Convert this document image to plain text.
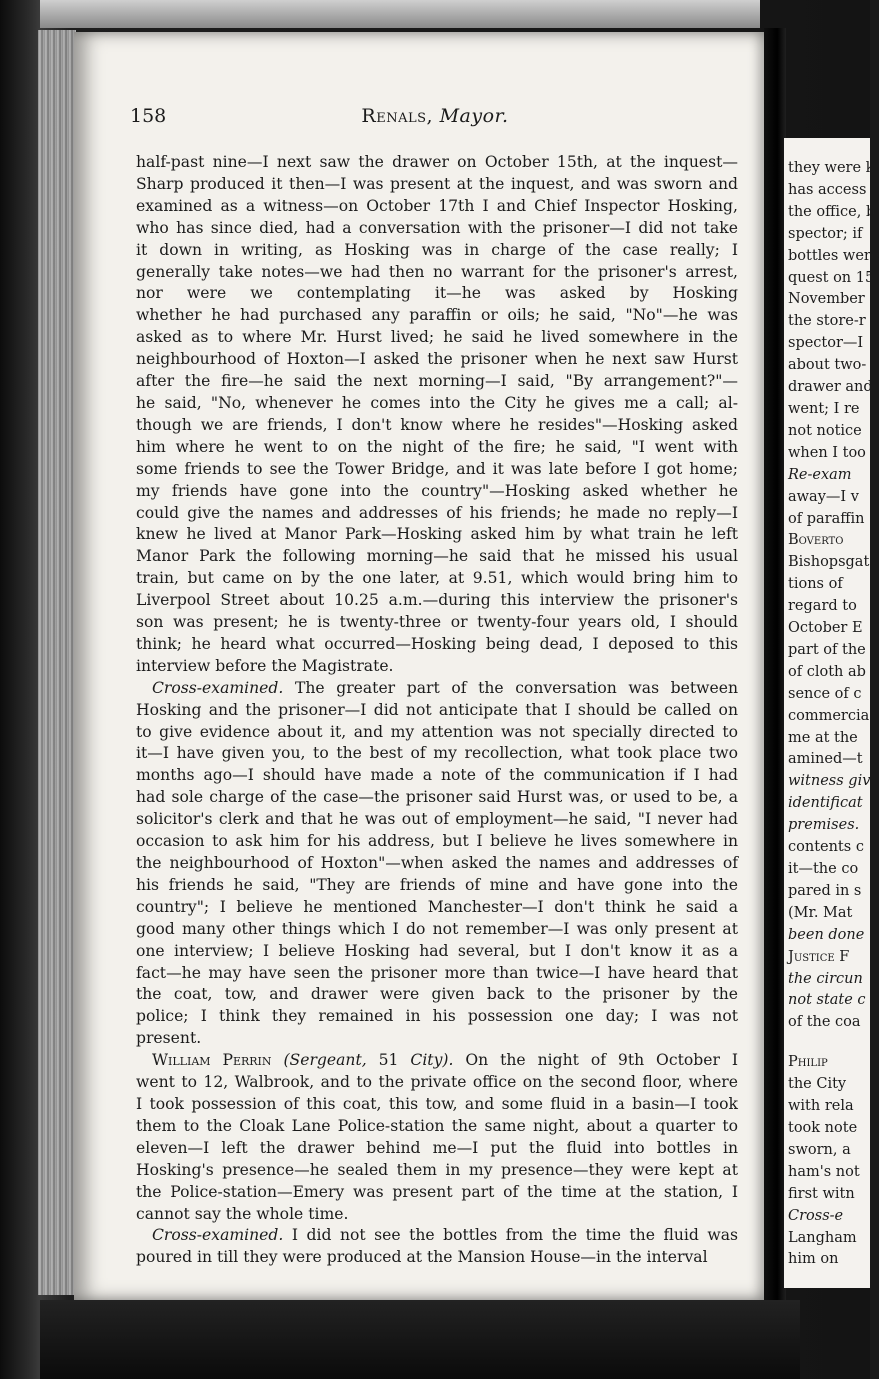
158	Renals, Mayor.
half-past nine—I next saw the drawer on October 15th, at the inquest—
Sharp produced it then—I was present at the inquest, and was sworn and
examined as a witness—on October 17th I and Chief Inspector Hosking,
who has since died, had a conversation with the prisoner—I did not take
it down in writing, as Hosking was in charge of the case really; I
generally take notes—we had then no warrant for the prisoner's arrest,
nor were we contemplating it—he was asked by Hosking
whether he had purchased any paraffin or oils; he said, "No"—he was
asked as to where Mr. Hurst lived; he said he lived somewhere in the
neighbourhood of Hoxton—I asked the prisoner when he next saw Hurst
after the fire—he said the next morning—I said, "By arrangement?"—
he said, "No, whenever he comes into the City he gives me a call; al-
though we are friends, I don't know where he resides"—Hosking asked
him where he went to on the night of the fire; he said, "I went with
some friends to see the Tower Bridge, and it was late before I got home;
my friends have gone into the country"—Hosking asked whether he
could give the names and addresses of his friends; he made no reply—I
knew he lived at Manor Park—Hosking asked him by what train he left
Manor Park the following morning—he said that he missed his usual
train, but came on by the one later, at 9.51, which would bring him to
Liverpool Street about 10.25 a.m.—during this interview the prisoner's
son was present; he is twenty-three or twenty-four years old, I should
think; he heard what occurred—Hosking being dead, I deposed to this
interview before the Magistrate.
Cross-examined. The greater part of the conversation was between
Hosking and the prisoner—I did not anticipate that I should be called on
to give evidence about it, and my attention was not specially directed to
it—I have given you, to the best of my recollection, what took place two
months ago—I should have made a note of the communication if I had
had sole charge of the case—the prisoner said Hurst was, or used to be, a
solicitor's clerk and that he was out of employment—he said, "I never had
occasion to ask him for his address, but I believe he lives somewhere in
the neighbourhood of Hoxton"—when asked the names and addresses of
his friends he said, "They are friends of mine and have gone into the
country"; I believe he mentioned Manchester—I don't think he said a
good many other things which I do not remember—I was only present at
one interview; I believe Hosking had several, but I don't know it as a
fact—he may have seen the prisoner more than twice—I have heard that
the coat, tow, and drawer were given back to the prisoner by the
police; I think they remained in his possession one day; I was not
present.
William Perrin (Sergeant, 51 City). On the night of 9th October I
went to 12, Walbrook, and to the private office on the second floor, where
I took possession of this coat, this tow, and some fluid in a basin—I took
them to the Cloak Lane Police-station the same night, about a quarter to
eleven—I left the drawer behind me—I put the fluid into bottles in
Hosking's presence—he sealed them in my presence—they were kept at
the Police-station—Emery was present part of the time at the station, I
cannot say the whole time.
Cross-examined. I did not see the bottles from the time the fluid was
poured in till they were produced at the Mansion House—in the interval
they were k
has access
the office, b
spector; if
bottles were
quest on 15
November
the store-r
spector—I
about two-
drawer and
went; I re
not notice
when I too
Re-exam
away—I v
of paraffin
Boverto
Bishopsgat
tions of
regard to
October E
part of the
of cloth ab
sence of c
commercia
me at the
amined—t
witness giv
identificat
premises.
contents c
it—the co
pared in s
(Mr. Mat
been done
Justice F
the circun
not state c
of the coa
Philip
the City
with rela
took note
sworn, a
ham's not
first witn
Cross-e
Langham
him on
